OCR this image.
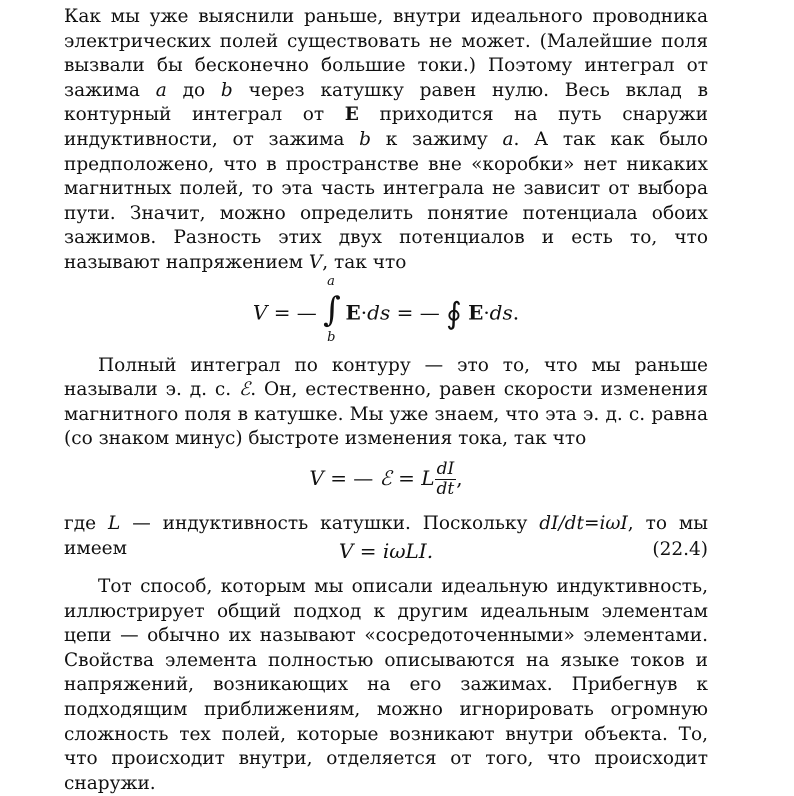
Как мы уже выяснили раньше, внутри идеального проводника электрических полей существовать не может. (Малейшие поля вызвали бы бесконечно большие токи.) Поэтому интеграл от зажима a до b через катушку равен нулю. Весь вклад в контурный интеграл от E приходится на путь снаружи индуктивности, от зажима b к зажиму a. А так как было предположено, что в пространстве вне «коробки» нет никаких магнитных полей, то эта часть интеграла не зависит от выбора пути. Значит, можно определить понятие потенциала обоих зажимов. Разность этих двух потенциалов и есть то, что называют напряжением V, так что

V = —
a
∫
b
E·ds = — ∮ E·ds.

Полный интеграл по контуру — это то, что мы раньше называли э. д. с. ℰ. Он, естественно, равен скорости изменения магнитного поля в катушке. Мы уже знаем, что эта э. д. с. равна (со знаком минус) быстроте изменения тока, так что

V = — ℰ = L $\frac{dI}{dt}$ ,

где L — индуктивность катушки. Поскольку dI/dt=iωI, то мы имеем	V = iωLI.	(22.4)

Тот способ, которым мы описали идеальную индуктивность, иллюстрирует общий подход к другим идеальным элементам цепи — обычно их называют «сосредоточенными» элементами. Свойства элемента полностью описываются на языке токов и напряжений, возникающих на его зажимах. Прибегнув к подходящим приближениям, можно игнорировать огромную сложность тех полей, которые возникают внутри объекта. То, что происходит внутри, отделяется от того, что происходит снаружи.
